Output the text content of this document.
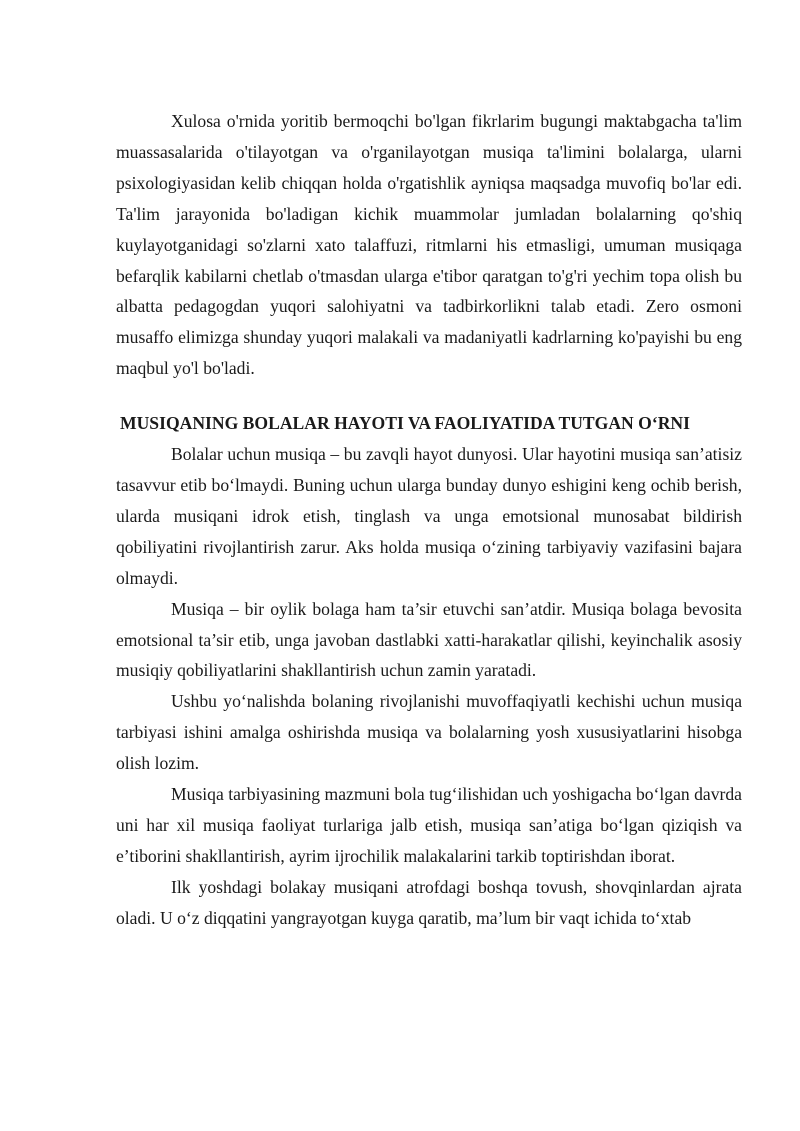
Xulosa o'rnida yoritib bermoqchi bo'lgan fikrlarim bugungi maktabgacha ta'lim muassasalarida o'tilayotgan va o'rganilayotgan musiqa ta'limini bolalarga, ularni psixologiyasidan kelib chiqqan holda o'rgatishlik ayniqsa maqsadga muvofiq bo'lar edi. Ta'lim jarayonida bo'ladigan kichik muammolar jumladan bolalarning qo'shiq kuylayotganidagi so'zlarni xato talaffuzi, ritmlarni his etmasligi, umuman musiqaga befarqlik kabilarni chetlab o'tmasdan ularga e'tibor qaratgan to'g'ri yechim topa olish bu albatta pedagogdan yuqori salohiyatni va tadbirkorlikni talab etadi. Zero osmoni musaffo elimizga shunday yuqori malakali va madaniyatli kadrlarning ko'payishi bu eng maqbul yo'l bo'ladi.

MUSIQANING BOLALAR HAYOTI VA FAOLIYATIDA TUTGAN O‘RNI

Bolalar uchun musiqa – bu zavqli hayot dunyosi. Ular hayotini musiqa san’atisiz tasavvur etib bo‘lmaydi. Buning uchun ularga bunday dunyo eshigini keng ochib berish, ularda musiqani idrok etish, tinglash va unga emotsional munosabat bildirish qobiliyatini rivojlantirish zarur. Aks holda musiqa o‘zining tarbiyaviy vazifasini bajara olmaydi.

Musiqa – bir oylik bolaga ham ta’sir etuvchi san’atdir. Musiqa bolaga bevosita emotsional ta’sir etib, unga javoban dastlabki xatti-harakatlar qilishi, keyinchalik asosiy musiqiy qobiliyatlarini shakllantirish uchun zamin yaratadi.

Ushbu yo‘nalishda bolaning rivojlanishi muvoffaqiyatli kechishi uchun musiqa tarbiyasi ishini amalga oshirishda musiqa va bolalarning yosh xususiyatlarini hisobga olish lozim.

Musiqa tarbiyasining mazmuni bola tug‘ilishidan uch yoshigacha bo‘lgan davrda uni har xil musiqa faoliyat turlariga jalb etish, musiqa san’atiga bo‘lgan qiziqish va e’tiborini shakllantirish, ayrim ijrochilik malakalarini tarkib toptirishdan iborat.

Ilk yoshdagi bolakay musiqani atrofdagi boshqa tovush, shovqinlardan ajrata oladi. U o‘z diqqatini yangrayotgan kuyga qaratib, ma’lum bir vaqt ichida to‘xtab
